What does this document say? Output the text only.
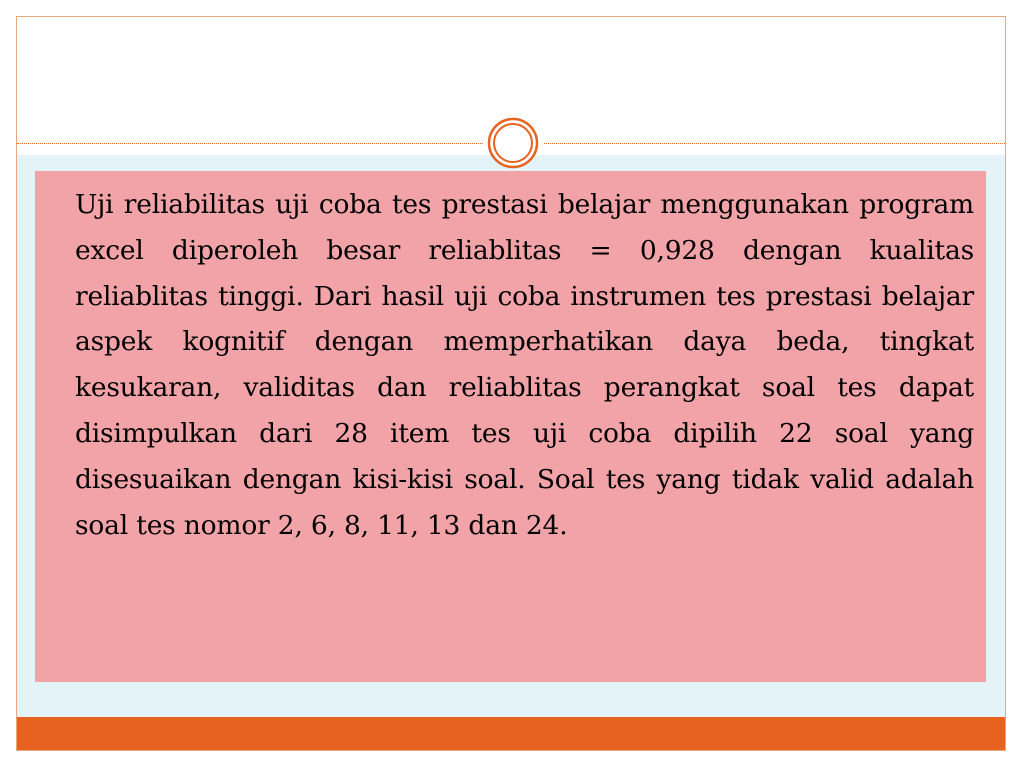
Uji reliabilitas uji coba tes prestasi belajar menggunakan program excel diperoleh besar reliablitas = 0,928 dengan kualitas reliablitas tinggi. Dari hasil uji coba instrumen tes prestasi belajar aspek kognitif dengan memperhatikan daya beda, tingkat kesukaran, validitas dan reliablitas perangkat soal tes dapat disimpulkan dari 28 item tes uji coba dipilih 22 soal yang disesuaikan dengan kisi-kisi soal. Soal tes yang tidak valid adalah soal tes nomor 2, 6, 8, 11, 13 dan 24.
